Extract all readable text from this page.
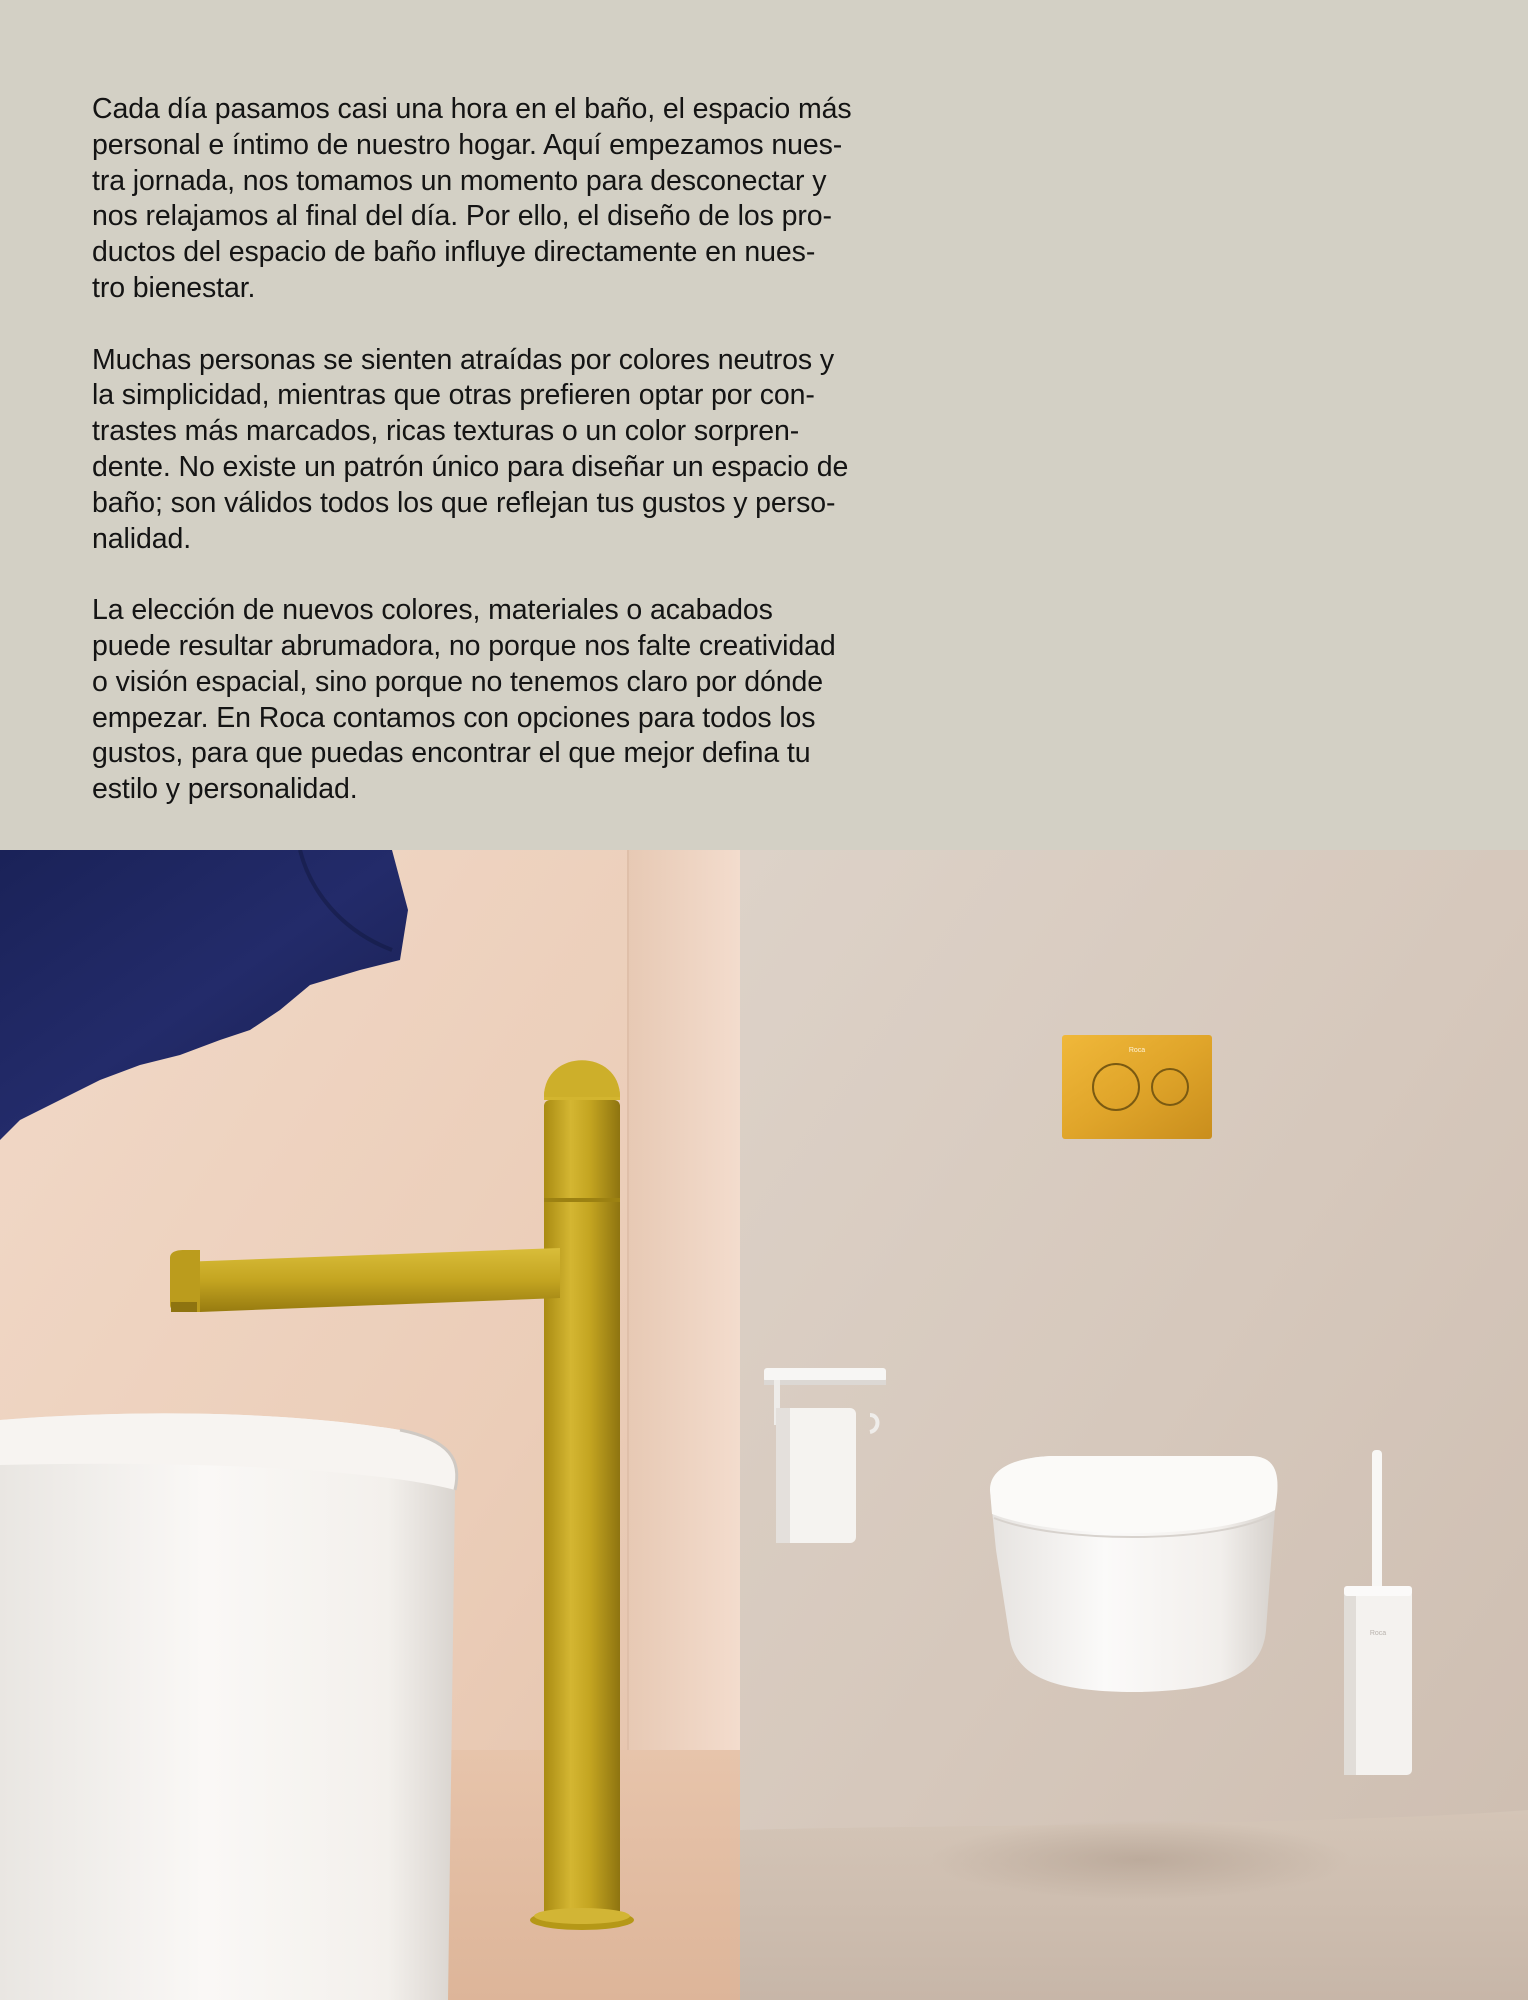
Cada día pasamos casi una hora en el baño, el espacio más
personal e íntimo de nuestro hogar. Aquí empezamos nues-
tra jornada, nos tomamos un momento para desconectar y
nos relajamos al final del día. Por ello, el diseño de los pro-
ductos del espacio de baño influye directamente en nues-
tro bienestar.

Muchas personas se sienten atraídas por colores neutros y
la simplicidad, mientras que otras prefieren optar por con-
trastes más marcados, ricas texturas o un color sorpren-
dente. No existe un patrón único para diseñar un espacio de
baño; son válidos todos los que reflejan tus gustos y perso-
nalidad.

La elección de nuevos colores, materiales o acabados
puede resultar abrumadora, no porque nos falte creatividad
o visión espacial, sino porque no tenemos claro por dónde
empezar. En Roca contamos con opciones para todos los
gustos, para que puedas encontrar el que mejor defina tu
estilo y personalidad.

Roca
Roca
